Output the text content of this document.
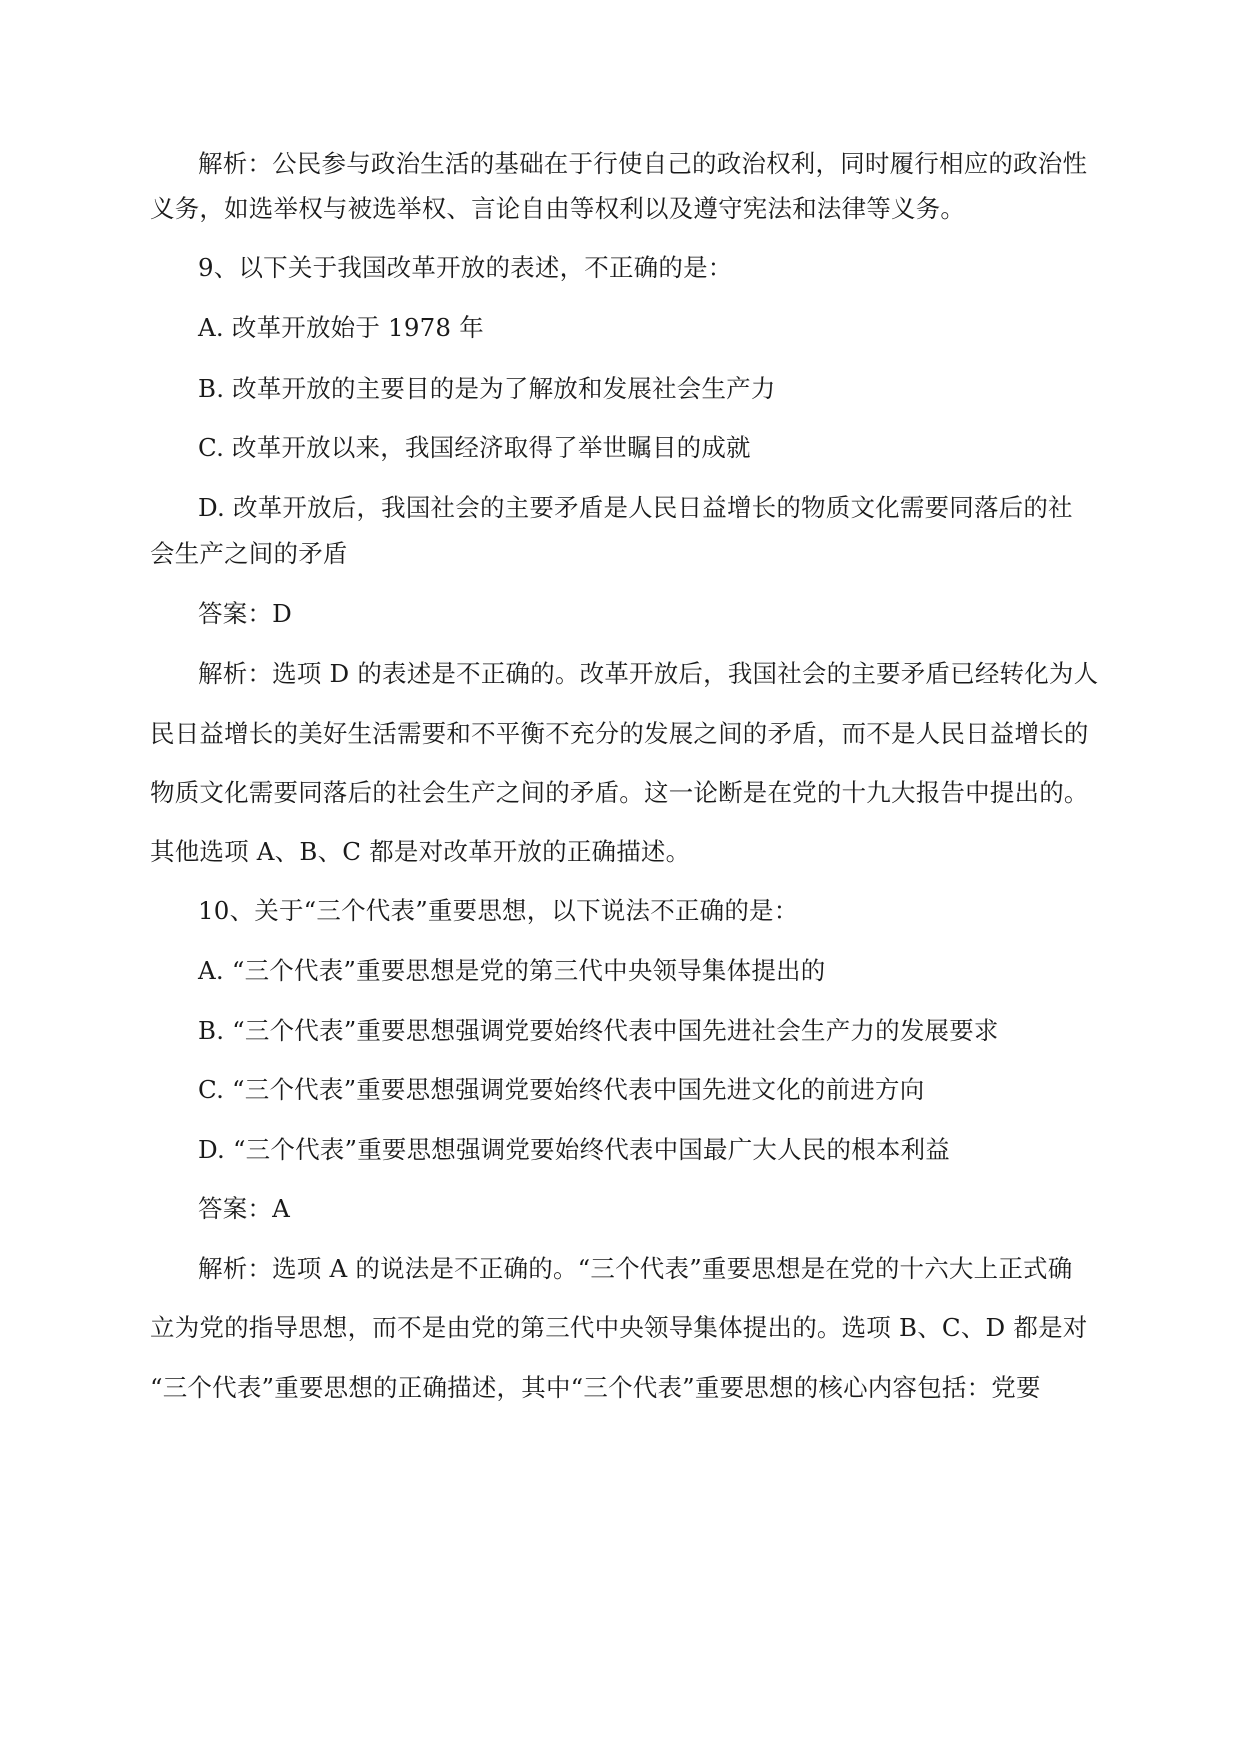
解析：公民参与政治生活的基础在于行使自己的政治权利，同时履行相应的政治性
义务，如选举权与被选举权、言论自由等权利以及遵守宪法和法律等义务。
9、以下关于我国改革开放的表述，不正确的是：
A. 改革开放始于 1978 年
B. 改革开放的主要目的是为了解放和发展社会生产力
C. 改革开放以来，我国经济取得了举世瞩目的成就
D. 改革开放后，我国社会的主要矛盾是人民日益增长的物质文化需要同落后的社
会生产之间的矛盾
答案：D
解析：选项 D 的表述是不正确的。改革开放后，我国社会的主要矛盾已经转化为人
民日益增长的美好生活需要和不平衡不充分的发展之间的矛盾，而不是人民日益增长的
物质文化需要同落后的社会生产之间的矛盾。这一论断是在党的十九大报告中提出的。
其他选项 A、B、C 都是对改革开放的正确描述。
10、关于“三个代表”重要思想，以下说法不正确的是：
A. “三个代表”重要思想是党的第三代中央领导集体提出的
B. “三个代表”重要思想强调党要始终代表中国先进社会生产力的发展要求
C. “三个代表”重要思想强调党要始终代表中国先进文化的前进方向
D. “三个代表”重要思想强调党要始终代表中国最广大人民的根本利益
答案：A
解析：选项 A 的说法是不正确的。“三个代表”重要思想是在党的十六大上正式确
立为党的指导思想，而不是由党的第三代中央领导集体提出的。选项 B、C、D 都是对
“三个代表”重要思想的正确描述，其中“三个代表”重要思想的核心内容包括：党要
